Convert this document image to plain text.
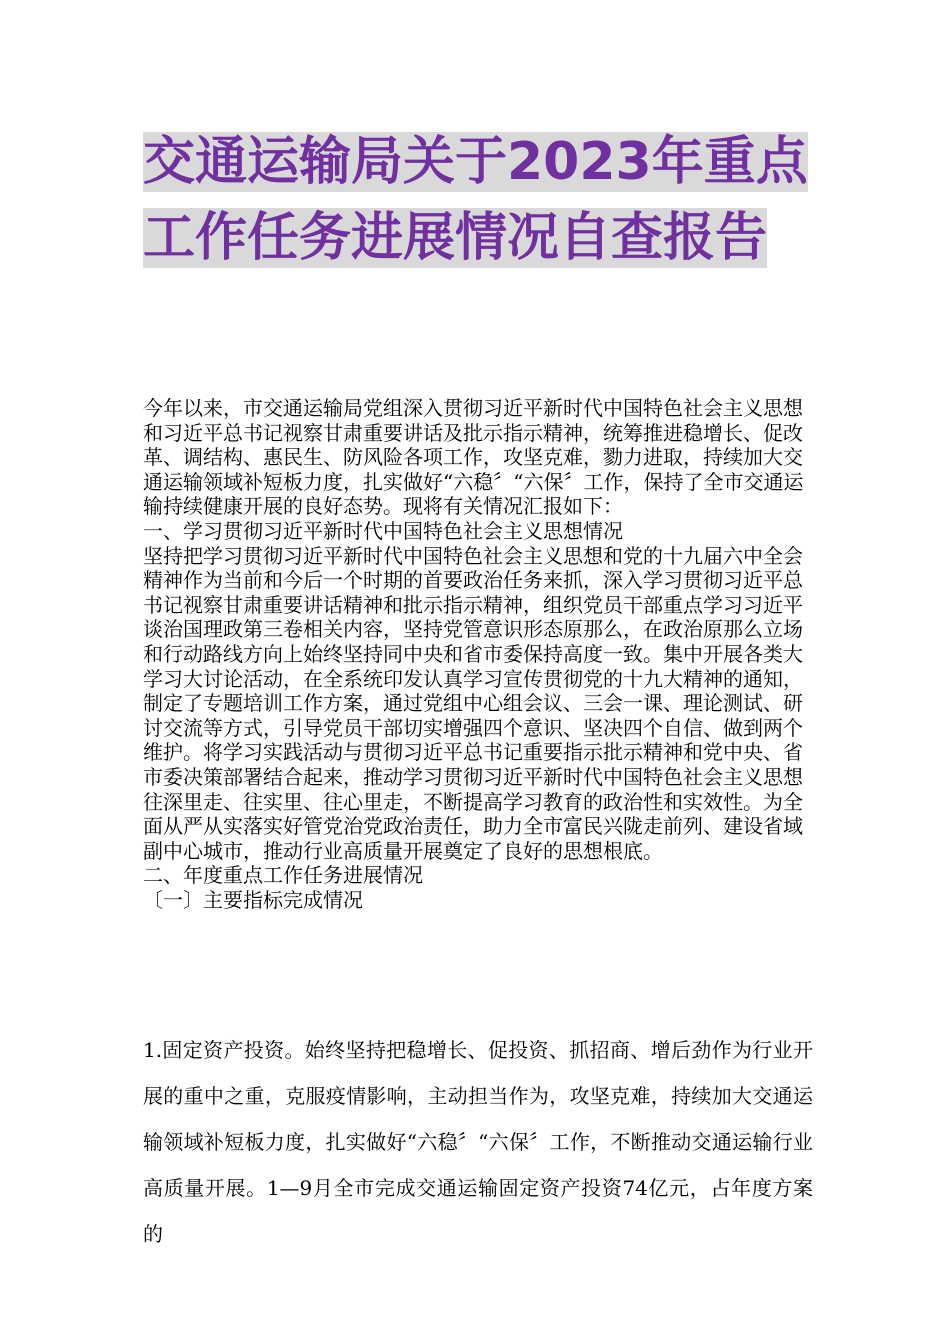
交通运输局关于2023年重点工作任务进展情况自查报告

今年以来，市交通运输局党组深入贯彻习近平新时代中国特色社会主义思想和习近平总书记视察甘肃重要讲话及批示指示精神，统筹推进稳增长、促改革、调结构、惠民生、防风险各项工作，攻坚克难，勠力进取，持续加大交通运输领域补短板力度，扎实做好“六稳〞“六保〞工作，保持了全市交通运输持续健康开展的良好态势。现将有关情况汇报如下：

一、学习贯彻习近平新时代中国特色社会主义思想情况

坚持把学习贯彻习近平新时代中国特色社会主义思想和党的十九届六中全会精神作为当前和今后一个时期的首要政治任务来抓，深入学习贯彻习近平总书记视察甘肃重要讲话精神和批示指示精神，组织党员干部重点学习习近平谈治国理政第三卷相关内容，坚持党管意识形态原那么，在政治原那么立场和行动路线方向上始终坚持同中央和省市委保持高度一致。集中开展各类大学习大讨论活动，在全系统印发认真学习宣传贯彻党的十九大精神的通知，制定了专题培训工作方案，通过党组中心组会议、三会一课、理论测试、研讨交流等方式，引导党员干部切实增强四个意识、坚决四个自信、做到两个维护。将学习实践活动与贯彻习近平总书记重要指示批示精神和党中央、省市委决策部署结合起来，推动学习贯彻习近平新时代中国特色社会主义思想往深里走、往实里、往心里走，不断提高学习教育的政治性和实效性。为全面从严从实落实好管党治党政治责任，助力全市富民兴陇走前列、建设省域副中心城市，推动行业高质量开展奠定了良好的思想根底。

二、年度重点工作任务进展情况

〔一〕主要指标完成情况

1.固定资产投资。始终坚持把稳增长、促投资、抓招商、增后劲作为行业开展的重中之重，克服疫情影响，主动担当作为，攻坚克难，持续加大交通运输领域补短板力度，扎实做好“六稳〞“六保〞工作，不断推动交通运输行业高质量开展。1—9月全市完成交通运输固定资产投资74亿元，占年度方案的
